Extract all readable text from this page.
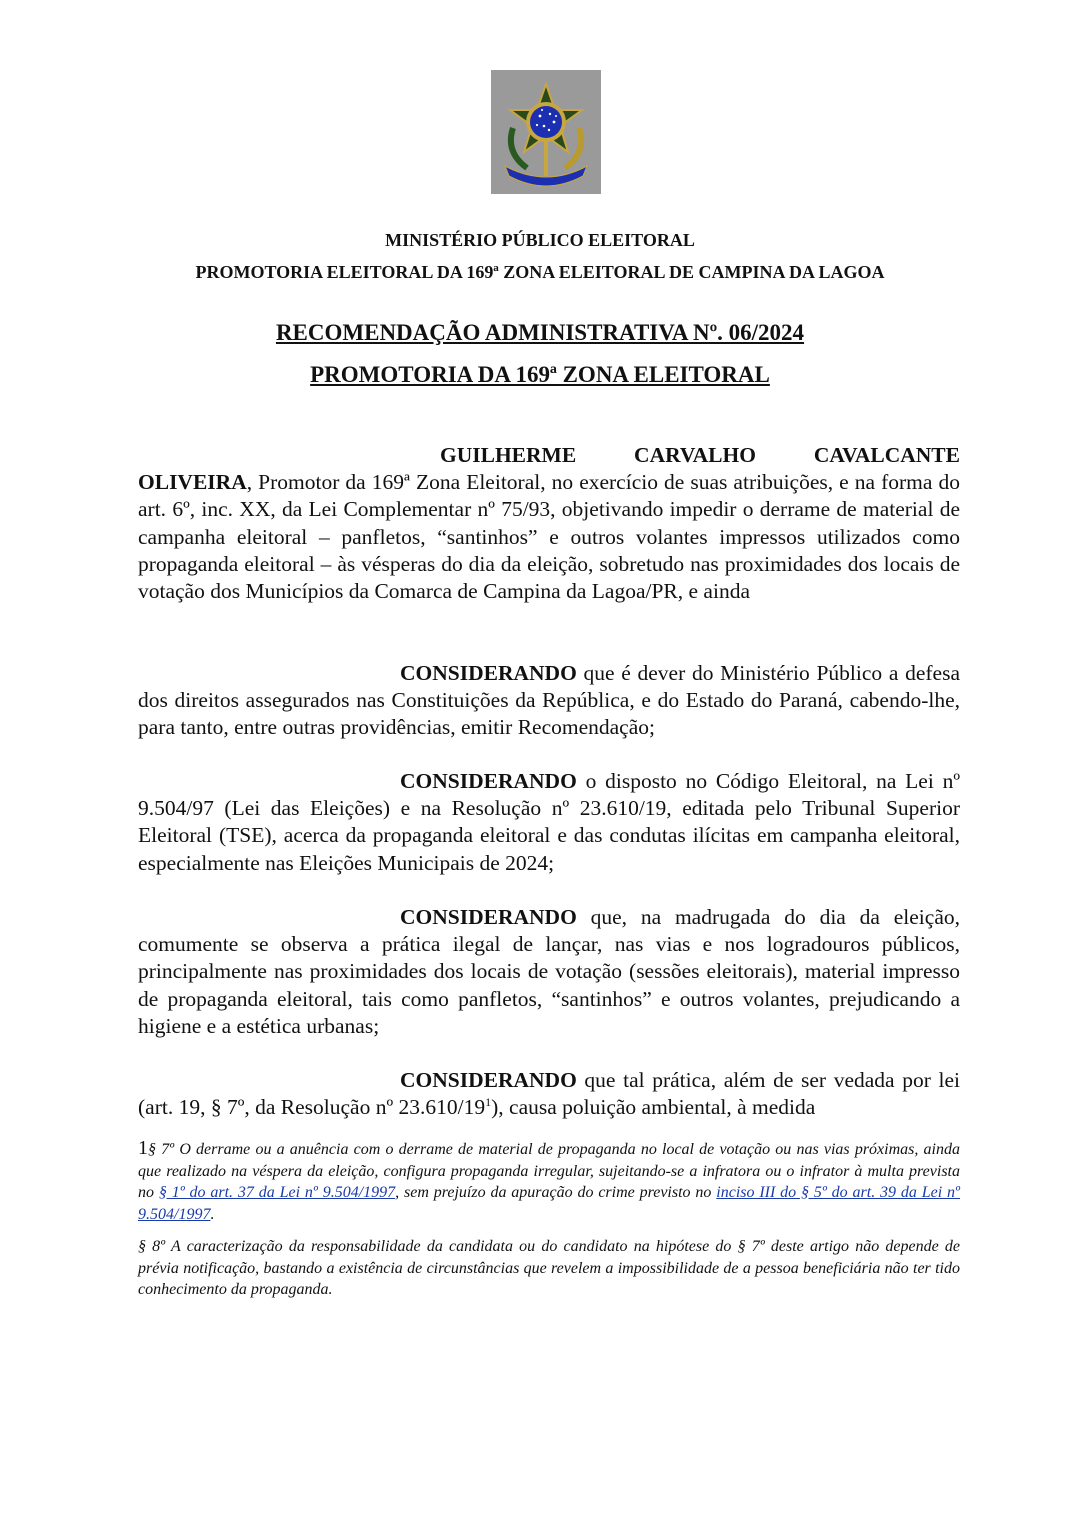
MINISTÉRIO PÚBLICO ELEITORAL
PROMOTORIA ELEITORAL DA 169ª ZONA ELEITORAL DE CAMPINA DA LAGOA
RECOMENDAÇÃO ADMINISTRATIVA Nº. 06/2024
PROMOTORIA DA 169ª ZONA ELEITORAL

GUILHERME CARVALHO CAVALCANTE OLIVEIRA, Promotor da 169ª Zona Eleitoral, no exercício de suas atribuições, e na forma do art. 6º, inc. XX, da Lei Complementar nº 75/93, objetivando impedir o derrame de material de campanha eleitoral – panfletos, “santinhos” e outros volantes impressos utilizados como propaganda eleitoral – às vésperas do dia da eleição, sobretudo nas proximidades dos locais de votação dos Municípios da Comarca de Campina da Lagoa/PR, e ainda

CONSIDERANDO que é dever do Ministério Público a defesa dos direitos assegurados nas Constituições da República, e do Estado do Paraná, cabendo-lhe, para tanto, entre outras providências, emitir Recomendação;

CONSIDERANDO o disposto no Código Eleitoral, na Lei nº 9.504/97 (Lei das Eleições) e na Resolução nº 23.610/19, editada pelo Tribunal Superior Eleitoral (TSE), acerca da propaganda eleitoral e das condutas ilícitas em campanha eleitoral, especialmente nas Eleições Municipais de 2024;

CONSIDERANDO que, na madrugada do dia da eleição, comumente se observa a prática ilegal de lançar, nas vias e nos logradouros públicos, principalmente nas proximidades dos locais de votação (sessões eleitorais), material impresso de propaganda eleitoral, tais como panfletos, “santinhos” e outros volantes, prejudicando a higiene e a estética urbanas;

CONSIDERANDO que tal prática, além de ser vedada por lei (art. 19, § 7º, da Resolução nº $23.610/19^1$), causa poluição ambiental, à medida

1§ 7º O derrame ou a anuência com o derrame de material de propaganda no local de votação ou nas vias próximas, ainda que realizado na véspera da eleição, configura propaganda irregular, sujeitando-se a infratora ou o infrator à multa prevista no § 1º do art. 37 da Lei nº 9.504/1997, sem prejuízo da apuração do crime previsto no inciso III do § 5º do art. 39 da Lei nº 9.504/1997.

§ 8º A caracterização da responsabilidade da candidata ou do candidato na hipótese do § 7º deste artigo não depende de prévia notificação, bastando a existência de circunstâncias que revelem a impossibilidade de a pessoa beneficiária não ter tido conhecimento da propaganda.
